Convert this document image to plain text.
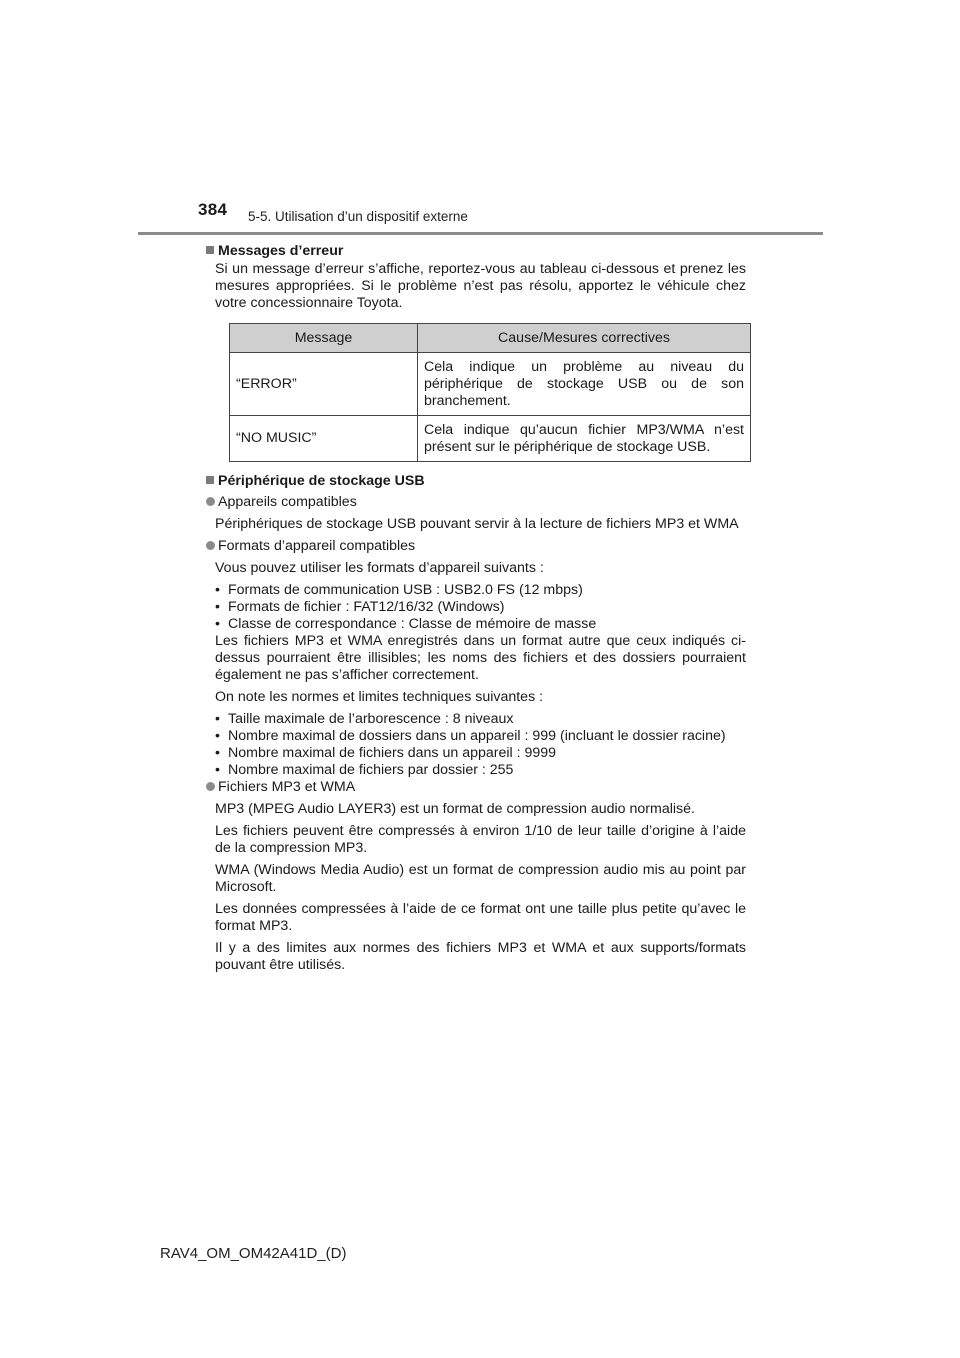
384 5-5. Utilisation d’un dispositif externe
Messages d’erreur

Si un message d’erreur s’affiche, reportez-vous au tableau ci-dessous et prenez les mesures appropriées. Si le problème n’est pas résolu, apportez le véhicule chez votre concessionnaire Toyota.

Message	Cause/Mesures correctives
“ERROR”	Cela indique un problème au niveau du périphérique de stockage USB ou de son branchement.
“NO MUSIC”	Cela indique qu’aucun fichier MP3/WMA n’est présent sur le périphérique de stockage USB.
Périphérique de stockage USB
Appareils compatibles

Périphériques de stockage USB pouvant servir à la lecture de fichiers MP3 et WMA

Formats d’appareil compatibles

Vous pouvez utiliser les formats d’appareil suivants :

• Formats de communication USB : USB2.0 FS (12 mbps)
• Formats de fichier : FAT12/16/32 (Windows)
• Classe de correspondance : Classe de mémoire de masse

Les fichiers MP3 et WMA enregistrés dans un format autre que ceux indiqués ci-dessus pourraient être illisibles; les noms des fichiers et des dossiers pourraient également ne pas s’afficher correctement.

On note les normes et limites techniques suivantes :

• Taille maximale de l’arborescence : 8 niveaux
• Nombre maximal de dossiers dans un appareil : 999 (incluant le dossier racine)
• Nombre maximal de fichiers dans un appareil : 9999
• Nombre maximal de fichiers par dossier : 255
Fichiers MP3 et WMA

MP3 (MPEG Audio LAYER3) est un format de compression audio normalisé.

Les fichiers peuvent être compressés à environ 1/10 de leur taille d’origine à l’aide de la compression MP3.

WMA (Windows Media Audio) est un format de compression audio mis au point par Microsoft.

Les données compressées à l’aide de ce format ont une taille plus petite qu’avec le format MP3.

Il y a des limites aux normes des fichiers MP3 et WMA et aux supports/formats pouvant être utilisés.

RAV4_OM_OM42A41D_(D)
